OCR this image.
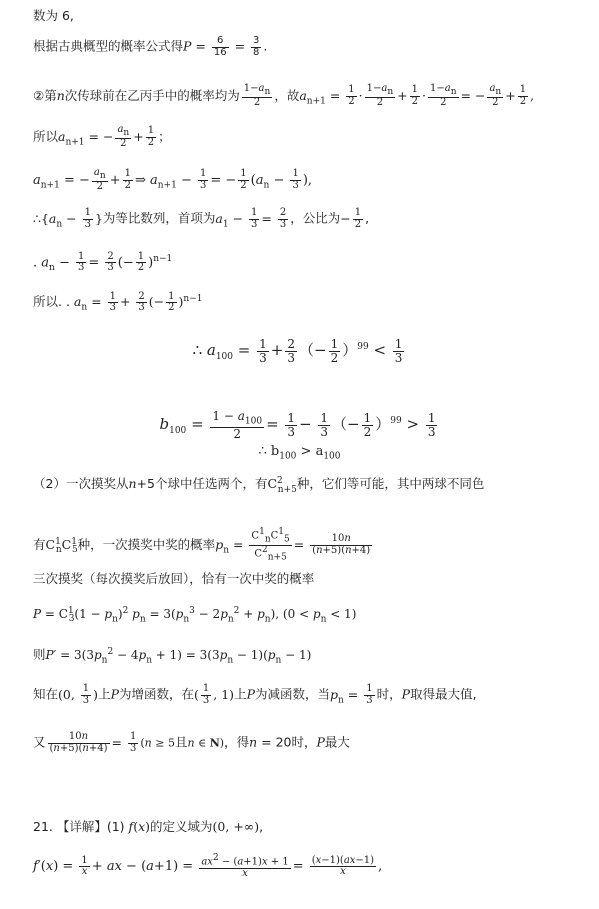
数为 6,
根据古典概型的概率公式得$P = \frac{6}{16} = \frac{3}{8}$ .
②第n次传球前在乙丙手中的概率均为 $\frac{1-a_n}{2}$ ，故$a_{n+1} = \frac{1}{2} \cdot \frac{1-a_n}{2} + \frac{1}{2} \cdot \frac{1-a_n}{2}$ = − $\frac{a_n}{2} + \frac{1}{2}$ ,
所以$a_{n+1}$ = − $\frac{a_n}{2} + \frac{1}{2}$ ；
$a_{n+1}$ = − $\frac{a_n}{2} + \frac{1}{2}$ ⇒ $a_{n+1} - \frac{1}{3}$ = − $\frac{1}{2} (a_n - \frac{1}{3}$ ),
$\therefore\{a_n - \frac{1}{3}$ }为等比数列，首项为$a_1 - \frac{1}{3} = \frac{2}{3}$ ，公比为− $\frac{1}{2}$ ,
. $a_n - \frac{1}{3} = \frac{2}{3}$ (− $\frac{1}{2} )^{n-1}$
所以. . $a_n = \frac{1}{3} + \frac{2}{3}$ (− $\frac{1}{2} )^{n-1}$
∴ $a_{100} = \frac{1}{3} + \frac{2}{3}$ （− $\frac{1}{2} )^{99} < \frac{1}{3}$
$b_{100} = \frac{1 - a_{100}}{2} = \frac{1}{3} - \frac{1}{3}$ （− $\frac{1}{2} )^{99} > \frac{1}{3}$
∴ $b_{100} > a_{100}$
（2）一次摸奖从n+5个球中任选两个，有$C^2_{n+5}$种，它们等可能，其中两球不同色
有$C^1_nC^1_5$种，一次摸奖中奖的概率$p_n = \frac{C^1_nC^1_5}{C^2_{n+5}} = \frac{10n}{(n+5)(n+4)}$
三次摸奖（每次摸奖后放回），恰有一次中奖的概率
$P = C^1_3(1 - p_n)^2$ $p_n = 3(p_n^3 - 2p_n^2 + p_n)$, $(0 < p_n < 1)$
则$P' = 3(3p_n^2 - 4p_n + 1) = 3(3p_n - 1)(p_n - 1)$
知在(0, $\frac{1}{3}$ )上P为增函数，在( $\frac{1}{3}$ , 1)上P为减函数，当$p_n = \frac{1}{3}$ 时，P取得最大值,
又 $\frac{10n}{(n+5)(n+4)} = \frac{1}{3} (n \ge 5$且n ∈ N)，得n = 20时，P最大
21. 【详解】(1) f(x)的定义域为(0, +∞),
$f'(x) = \frac{1}{x}$ + ax − $(a+1) = \frac{ax^2 - (a+1)x + 1}{x} = \frac{(x-1)(ax-1)}{x}$ ,
